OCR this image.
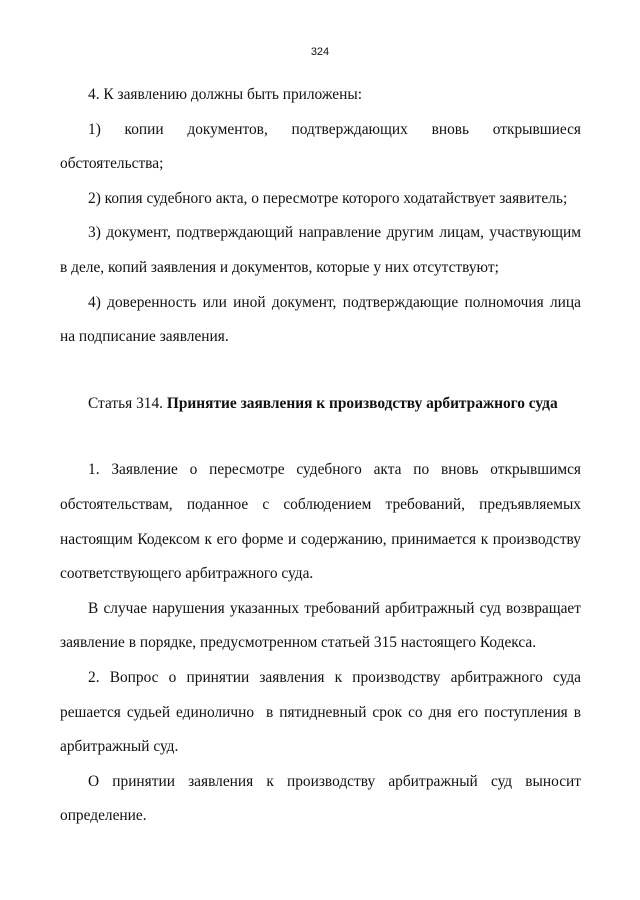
324

4. К заявлению должны быть приложены:

1) копии документов, подтверждающих вновь открывшиеся
обстоятельства;

2) копия судебного акта, о пересмотре которого ходатайствует заявитель;

3) документ, подтверждающий направление другим лицам, участвующим
в деле, копий заявления и документов, которые у них отсутствуют;

4) доверенность или иной документ, подтверждающие полномочия лица
на подписание заявления.

Статья 314. Принятие заявления к производству арбитражного суда

1. Заявление о пересмотре судебного акта по вновь открывшимся
обстоятельствам, поданное с соблюдением требований, предъявляемых
настоящим Кодексом к его форме и содержанию, принимается к производству
соответствующего арбитражного суда.

В случае нарушения указанных требований арбитражный суд возвращает
заявление в порядке, предусмотренном статьей 315 настоящего Кодекса.

2. Вопрос о принятии заявления к производству арбитражного суда
решается судьей единолично  в пятидневный срок со дня его поступления в
арбитражный суд.

О принятии заявления к производству арбитражный суд выносит
определение.
